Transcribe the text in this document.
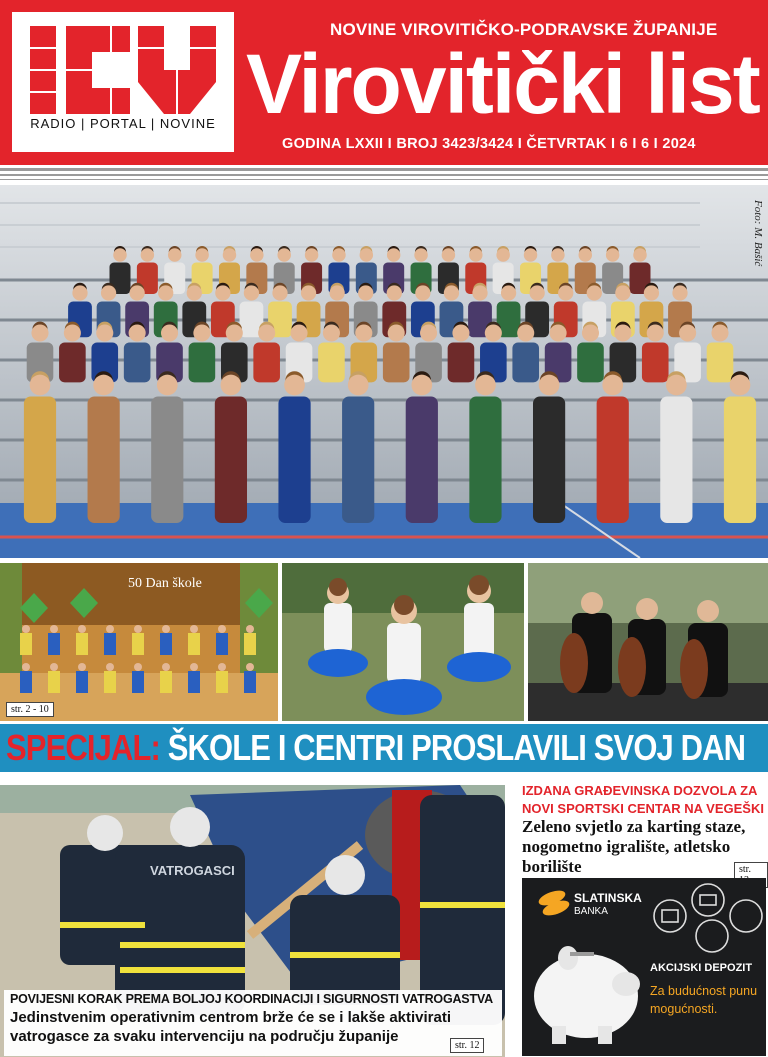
RADIO | PORTAL | NOVINE
NOVINE VIROVITIČKO-PODRAVSKE ŽUPANIJE
Virovitički list
GODINA LXXII I BROJ 3423/3424 I ČETVRTAK I 6 I 6 I 2024
Foto: M. Bašić
50 Dan škole
str. 2 - 10
SPECIJAL: ŠKOLE I CENTRI PROSLAVILI SVOJ DAN
VATROGASCI
POVIJESNI KORAK PREMA BOLJOJ KOORDINACIJI I SIGURNOSTI VATROGASTVA
Jedinstvenim operativnim centrom brže će se i lakše aktivirati vatrogasce za svaku intervenciju na području županije
str. 12
IZDANA GRAĐEVINSKA DOZVOLA ZA NOVI SPORTSKI CENTAR NA VEGEŠKI
Zeleno svjetlo za karting staze, nogometno igralište, atletsko borilište	str.
SLATINSKA
BANKA
AKCIJSKI DEPOZIT
Za budućnost punu mogućnosti.
